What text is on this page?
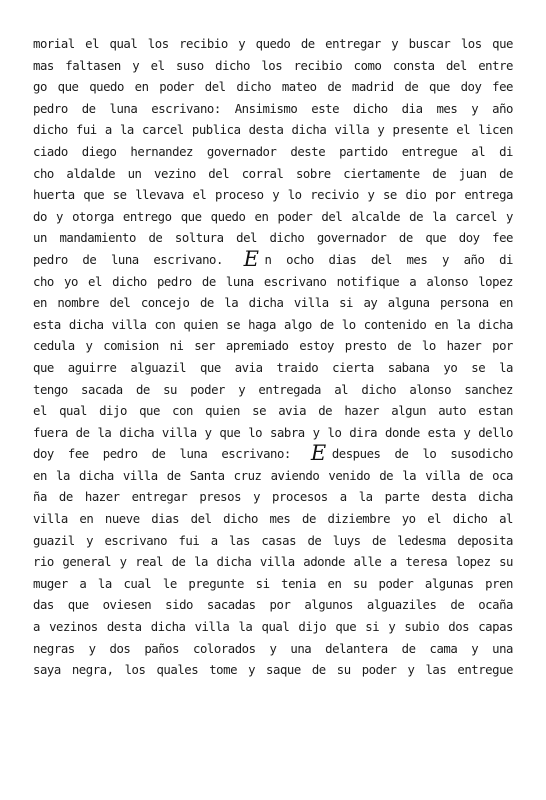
morial el qual los recibio y quedo de entregar y buscar los que
mas faltasen y el suso dicho los recibio como consta del entre
go que quedo en poder del dicho mateo de madrid de que doy fee
pedro de luna escrivano: Ansimismo este dicho dia mes y año
dicho fui a la carcel publica desta dicha villa y presente el licen
ciado diego hernandez governador deste partido entregue al di
cho aldalde un vezino del corral sobre ciertamente de juan de
huerta que se llevava el proceso y lo recivio y se dio por entrega
do y otorga entrego que quedo en poder del alcalde de la carcel y
un mandamiento de soltura del dicho governador de que doy fee
pedro de luna escrivano. E n ocho dias del mes y año di
cho yo el dicho pedro de luna escrivano notifique a alonso lopez
en nombre del concejo de la dicha villa si ay alguna persona en
esta dicha villa con quien se haga algo de lo contenido en la dicha
cedula y comision ni ser apremiado estoy presto de lo hazer por
que aguirre alguazil que avia traido cierta sabana yo se la
tengo sacada de su poder y entregada al dicho alonso sanchez
el qual dijo que con quien se avia de hazer algun auto estan
fuera de la dicha villa y que lo sabra y lo dira donde esta y dello
doy fee pedro de luna escrivano: E despues de lo susodicho
en la dicha villa de Santa cruz aviendo venido de la villa de oca
ña de hazer entregar presos y procesos a la parte desta dicha
villa en nueve dias del dicho mes de diziembre yo el dicho al
guazil y escrivano fui a las casas de luys de ledesma deposita
rio general y real de la dicha villa adonde alle a teresa lopez su
muger a la cual le pregunte si tenia en su poder algunas pren
das que oviesen sido sacadas por algunos alguaziles de ocaña
a vezinos desta dicha villa la qual dijo que si y subio dos capas
negras y dos paños colorados y una delantera de cama y una
saya negra, los quales tome y saque de su poder y las entregue
